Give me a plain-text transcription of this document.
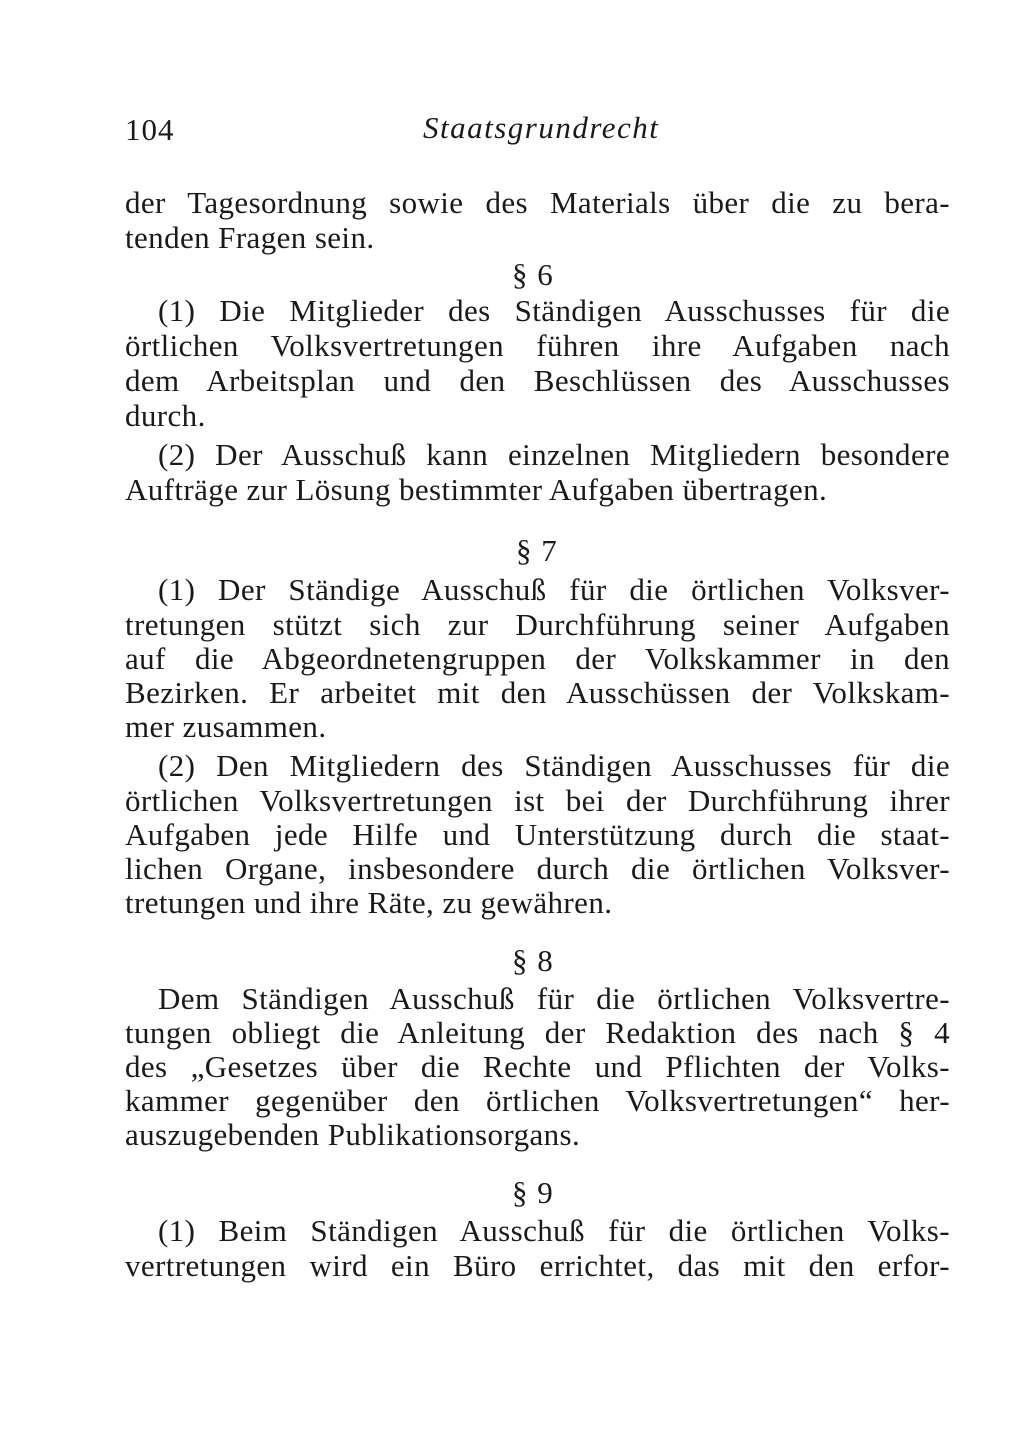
104	Staatsgrundrecht
der Tagesordnung sowie des Materials über die zu bera-
tenden Fragen sein.
§ 6
(1) Die Mitglieder des Ständigen Ausschusses für die
örtlichen Volksvertretungen führen ihre Aufgaben nach
dem Arbeitsplan und den Beschlüssen des Ausschusses
durch.
(2) Der Ausschuß kann einzelnen Mitgliedern besondere
Aufträge zur Lösung bestimmter Aufgaben übertragen.
§ 7
(1) Der Ständige Ausschuß für die örtlichen Volksver-
tretungen stützt sich zur Durchführung seiner Aufgaben
auf die Abgeordnetengruppen der Volkskammer in den
Bezirken. Er arbeitet mit den Ausschüssen der Volkskam-
mer zusammen.
(2) Den Mitgliedern des Ständigen Ausschusses für die
örtlichen Volksvertretungen ist bei der Durchführung ihrer
Aufgaben jede Hilfe und Unterstützung durch die staat-
lichen Organe, insbesondere durch die örtlichen Volksver-
tretungen und ihre Räte, zu gewähren.
§ 8
Dem Ständigen Ausschuß für die örtlichen Volksvertre-
tungen obliegt die Anleitung der Redaktion des nach § 4
des „Gesetzes über die Rechte und Pflichten der Volks-
kammer gegenüber den örtlichen Volksvertretungen“ her-
auszugebenden Publikationsorgans.
§ 9
(1) Beim Ständigen Ausschuß für die örtlichen Volks-
vertretungen wird ein Büro errichtet, das mit den erfor-
